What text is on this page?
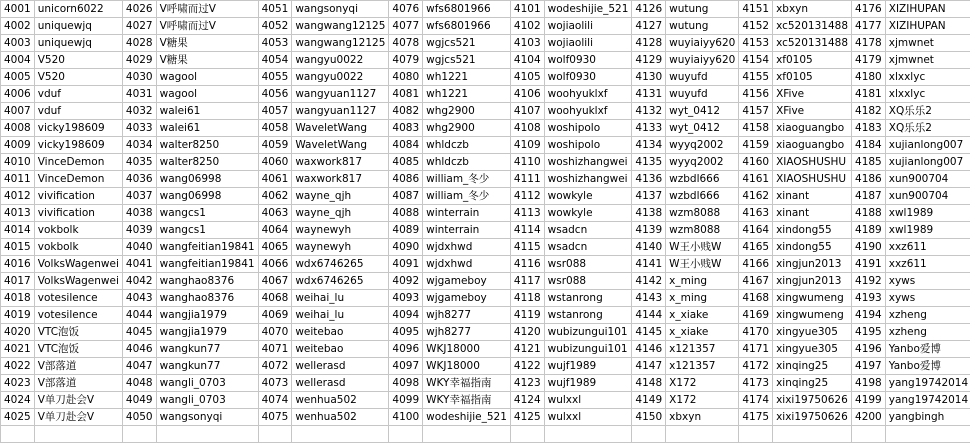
4001	unicorn6022	4026	V呼啸而过V	4051	wangsonyqi	4076	wfs6801966	4101	wodeshijie_521	4126	wutung	4151	xbxyn	4176	XIZIHUPAN
4002	uniquewjq	4027	V呼啸而过V	4052	wangwang12125	4077	wfs6801966	4102	wojiaolili	4127	wutung	4152	xc520131488	4177	XIZIHUPAN
4003	uniquewjq	4028	V糖果	4053	wangwang12125	4078	wgjcs521	4103	wojiaolili	4128	wuyiaiyy620	4153	xc520131488	4178	xjmwnet
4004	V520	4029	V糖果	4054	wangyu0022	4079	wgjcs521	4104	wolf0930	4129	wuyiaiyy620	4154	xf0105	4179	xjmwnet
4005	V520	4030	wagool	4055	wangyu0022	4080	wh1221	4105	wolf0930	4130	wuyufd	4155	xf0105	4180	xlxxlyc
4006	vduf	4031	wagool	4056	wangyuan1127	4081	wh1221	4106	woohyuklxf	4131	wuyufd	4156	XFive	4181	xlxxlyc
4007	vduf	4032	walei61	4057	wangyuan1127	4082	whg2900	4107	woohyuklxf	4132	wyt_0412	4157	XFive	4182	XQ乐乐2
4008	vicky198609	4033	walei61	4058	WaveletWang	4083	whg2900	4108	woshipolo	4133	wyt_0412	4158	xiaoguangbo	4183	XQ乐乐2
4009	vicky198609	4034	walter8250	4059	WaveletWang	4084	whldczb	4109	woshipolo	4134	wyyq2002	4159	xiaoguangbo	4184	xujianlong007
4010	VinceDemon	4035	walter8250	4060	waxwork817	4085	whldczb	4110	woshizhangwei	4135	wyyq2002	4160	XIAOSHUSHU	4185	xujianlong007
4011	VinceDemon	4036	wang06998	4061	waxwork817	4086	william_冬少	4111	woshizhangwei	4136	wzbdl666	4161	XIAOSHUSHU	4186	xun900704
4012	vivification	4037	wang06998	4062	wayne_qjh	4087	william_冬少	4112	wowkyle	4137	wzbdl666	4162	xinant	4187	xun900704
4013	vivification	4038	wangcs1	4063	wayne_qjh	4088	winterrain	4113	wowkyle	4138	wzm8088	4163	xinant	4188	xwl1989
4014	vokbolk	4039	wangcs1	4064	waynewyh	4089	winterrain	4114	wsadcn	4139	wzm8088	4164	xindong55	4189	xwl1989
4015	vokbolk	4040	wangfeitian19841	4065	waynewyh	4090	wjdxhwd	4115	wsadcn	4140	W王小贱W	4165	xindong55	4190	xxz611
4016	VolksWagenwei	4041	wangfeitian19841	4066	wdx6746265	4091	wjdxhwd	4116	wsr088	4141	W王小贱W	4166	xingjun2013	4191	xxz611
4017	VolksWagenwei	4042	wanghao8376	4067	wdx6746265	4092	wjgameboy	4117	wsr088	4142	x_ming	4167	xingjun2013	4192	xyws
4018	votesilence	4043	wanghao8376	4068	weihai_lu	4093	wjgameboy	4118	wstanrong	4143	x_ming	4168	xingwumeng	4193	xyws
4019	votesilence	4044	wangjia1979	4069	weihai_lu	4094	wjh8277	4119	wstanrong	4144	x_xiake	4169	xingwumeng	4194	xzheng
4020	VTC泡饭	4045	wangjia1979	4070	weitebao	4095	wjh8277	4120	wubizungui101	4145	x_xiake	4170	xingyue305	4195	xzheng
4021	VTC泡饭	4046	wangkun77	4071	weitebao	4096	WKJ18000	4121	wubizungui101	4146	x121357	4171	xingyue305	4196	Yanbo爱博
4022	V部落道	4047	wangkun77	4072	wellerasd	4097	WKJ18000	4122	wujf1989	4147	x121357	4172	xinqing25	4197	Yanbo爱博
4023	V部落道	4048	wangli_0703	4073	wellerasd	4098	WKY幸福指南	4123	wujf1989	4148	X172	4173	xinqing25	4198	yang19742014
4024	V单刀赴会V	4049	wangli_0703	4074	wenhua502	4099	WKY幸福指南	4124	wulxxl	4149	X172	4174	xixi19750626	4199	yang19742014
4025	V单刀赴会V	4050	wangsonyqi	4075	wenhua502	4100	wodeshijie_521	4125	wulxxl	4150	xbxyn	4175	xixi19750626	4200	yangbingh
